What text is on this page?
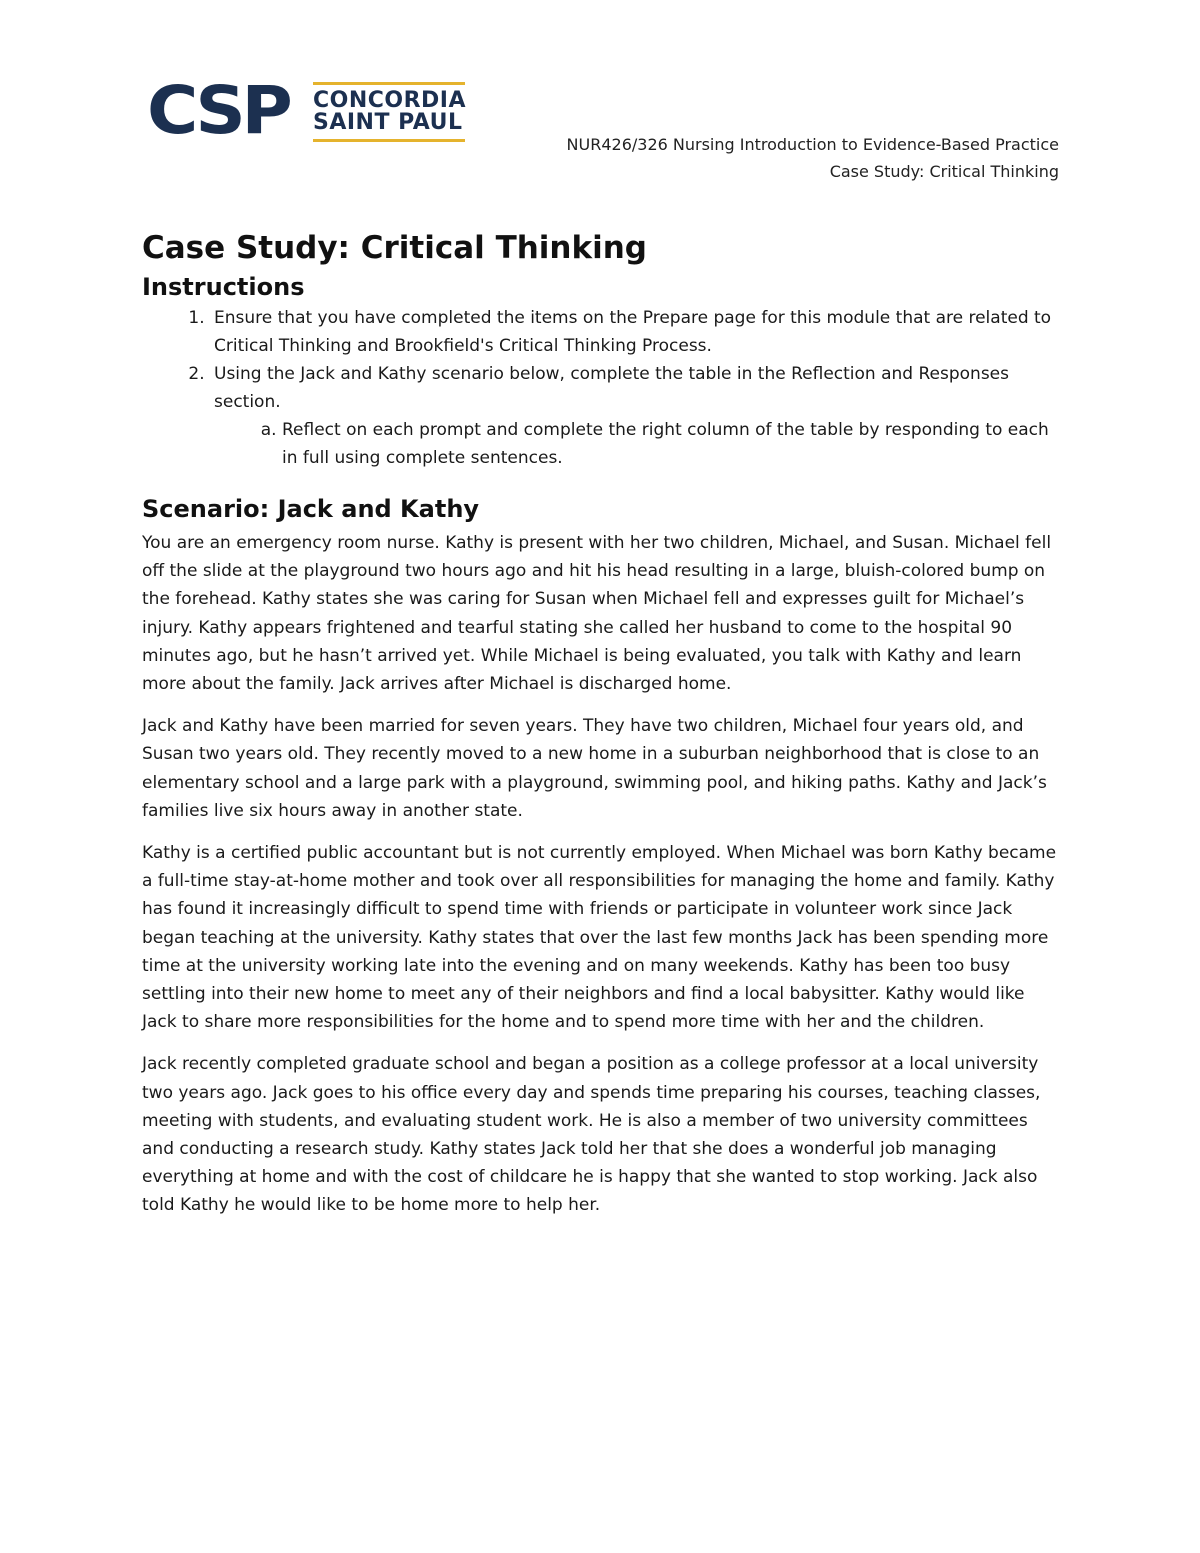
CSP	CONCORDIA
SAINT PAUL
NUR426/326 Nursing Introduction to Evidence-Based Practice
Case Study: Critical Thinking
Case Study: Critical Thinking
Instructions
1. Ensure that you have completed the items on the Prepare page for this module that are related to Critical Thinking and Brookfield's Critical Thinking Process.
2. Using the Jack and Kathy scenario below, complete the table in the Reflection and Responses section.
a. Reflect on each prompt and complete the right column of the table by responding to each in full using complete sentences.
Scenario: Jack and Kathy

You are an emergency room nurse. Kathy is present with her two children, Michael, and Susan. Michael fell off the slide at the playground two hours ago and hit his head resulting in a large, bluish-colored bump on the forehead. Kathy states she was caring for Susan when Michael fell and expresses guilt for Michael’s injury. Kathy appears frightened and tearful stating she called her husband to come to the hospital 90 minutes ago, but he hasn’t arrived yet. While Michael is being evaluated, you talk with Kathy and learn more about the family. Jack arrives after Michael is discharged home.

Jack and Kathy have been married for seven years. They have two children, Michael four years old, and Susan two years old. They recently moved to a new home in a suburban neighborhood that is close to an elementary school and a large park with a playground, swimming pool, and hiking paths. Kathy and Jack’s families live six hours away in another state.

Kathy is a certified public accountant but is not currently employed. When Michael was born Kathy became a full-time stay-at-home mother and took over all responsibilities for managing the home and family. Kathy has found it increasingly difficult to spend time with friends or participate in volunteer work since Jack began teaching at the university. Kathy states that over the last few months Jack has been spending more time at the university working late into the evening and on many weekends. Kathy has been too busy settling into their new home to meet any of their neighbors and find a local babysitter. Kathy would like Jack to share more responsibilities for the home and to spend more time with her and the children.

Jack recently completed graduate school and began a position as a college professor at a local university two years ago. Jack goes to his office every day and spends time preparing his courses, teaching classes, meeting with students, and evaluating student work. He is also a member of two university committees and conducting a research study. Kathy states Jack told her that she does a wonderful job managing everything at home and with the cost of childcare he is happy that she wanted to stop working. Jack also told Kathy he would like to be home more to help her.
